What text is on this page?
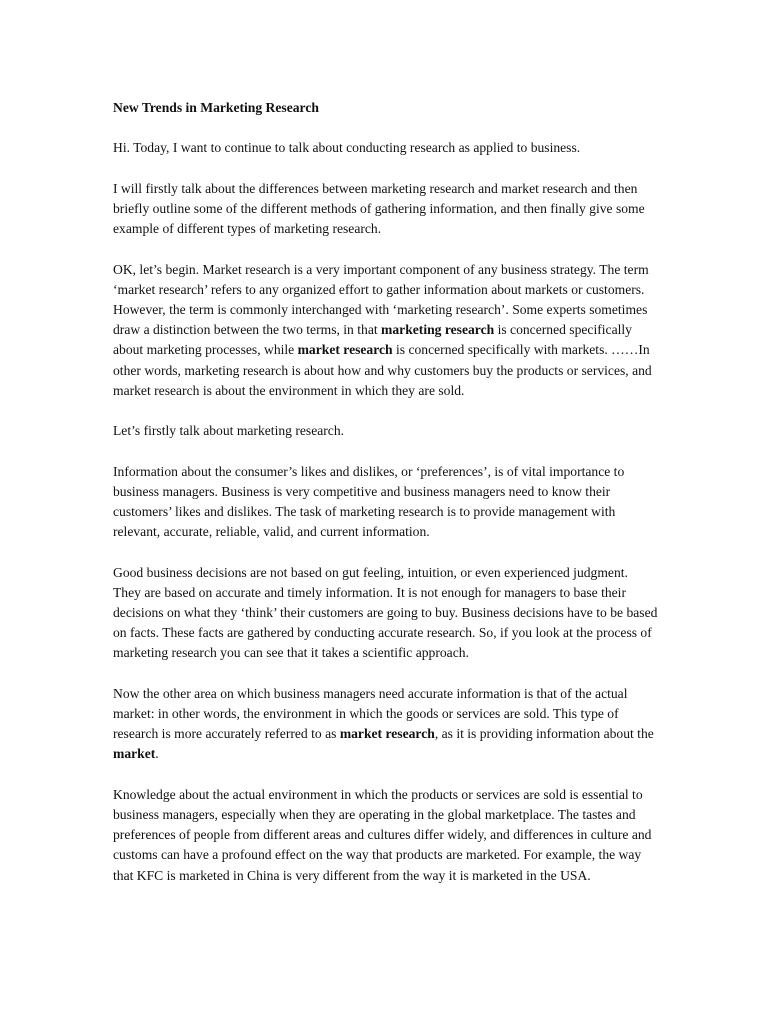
New Trends in Marketing Research

Hi. Today, I want to continue to talk about conducting research as applied to business.

I will firstly talk about the differences between marketing research and market research and then briefly outline some of the different methods of gathering information, and then finally give some example of different types of marketing research.

OK, let’s begin. Market research is a very important component of any business strategy. The term ‘market research’ refers to any organized effort to gather information about markets or customers. However, the term is commonly interchanged with ‘marketing research’. Some experts sometimes draw a distinction between the two terms, in that marketing research is concerned specifically about marketing processes, while market research is concerned specifically with markets. ……In other words, marketing research is about how and why customers buy the products or services, and market research is about the environment in which they are sold.

Let’s firstly talk about marketing research.

Information about the consumer’s likes and dislikes, or ‘preferences’, is of vital importance to business managers. Business is very competitive and business managers need to know their customers’ likes and dislikes. The task of marketing research is to provide management with relevant, accurate, reliable, valid, and current information.

Good business decisions are not based on gut feeling, intuition, or even experienced judgment. They are based on accurate and timely information. It is not enough for managers to base their decisions on what they ‘think’ their customers are going to buy. Business decisions have to be based on facts. These facts are gathered by conducting accurate research. So, if you look at the process of marketing research you can see that it takes a scientific approach.

Now the other area on which business managers need accurate information is that of the actual market: in other words, the environment in which the goods or services are sold. This type of research is more accurately referred to as market research, as it is providing information about the market.

Knowledge about the actual environment in which the products or services are sold is essential to business managers, especially when they are operating in the global marketplace. The tastes and preferences of people from different areas and cultures differ widely, and differences in culture and customs can have a profound effect on the way that products are marketed. For example, the way that KFC is marketed in China is very different from the way it is marketed in the USA.
